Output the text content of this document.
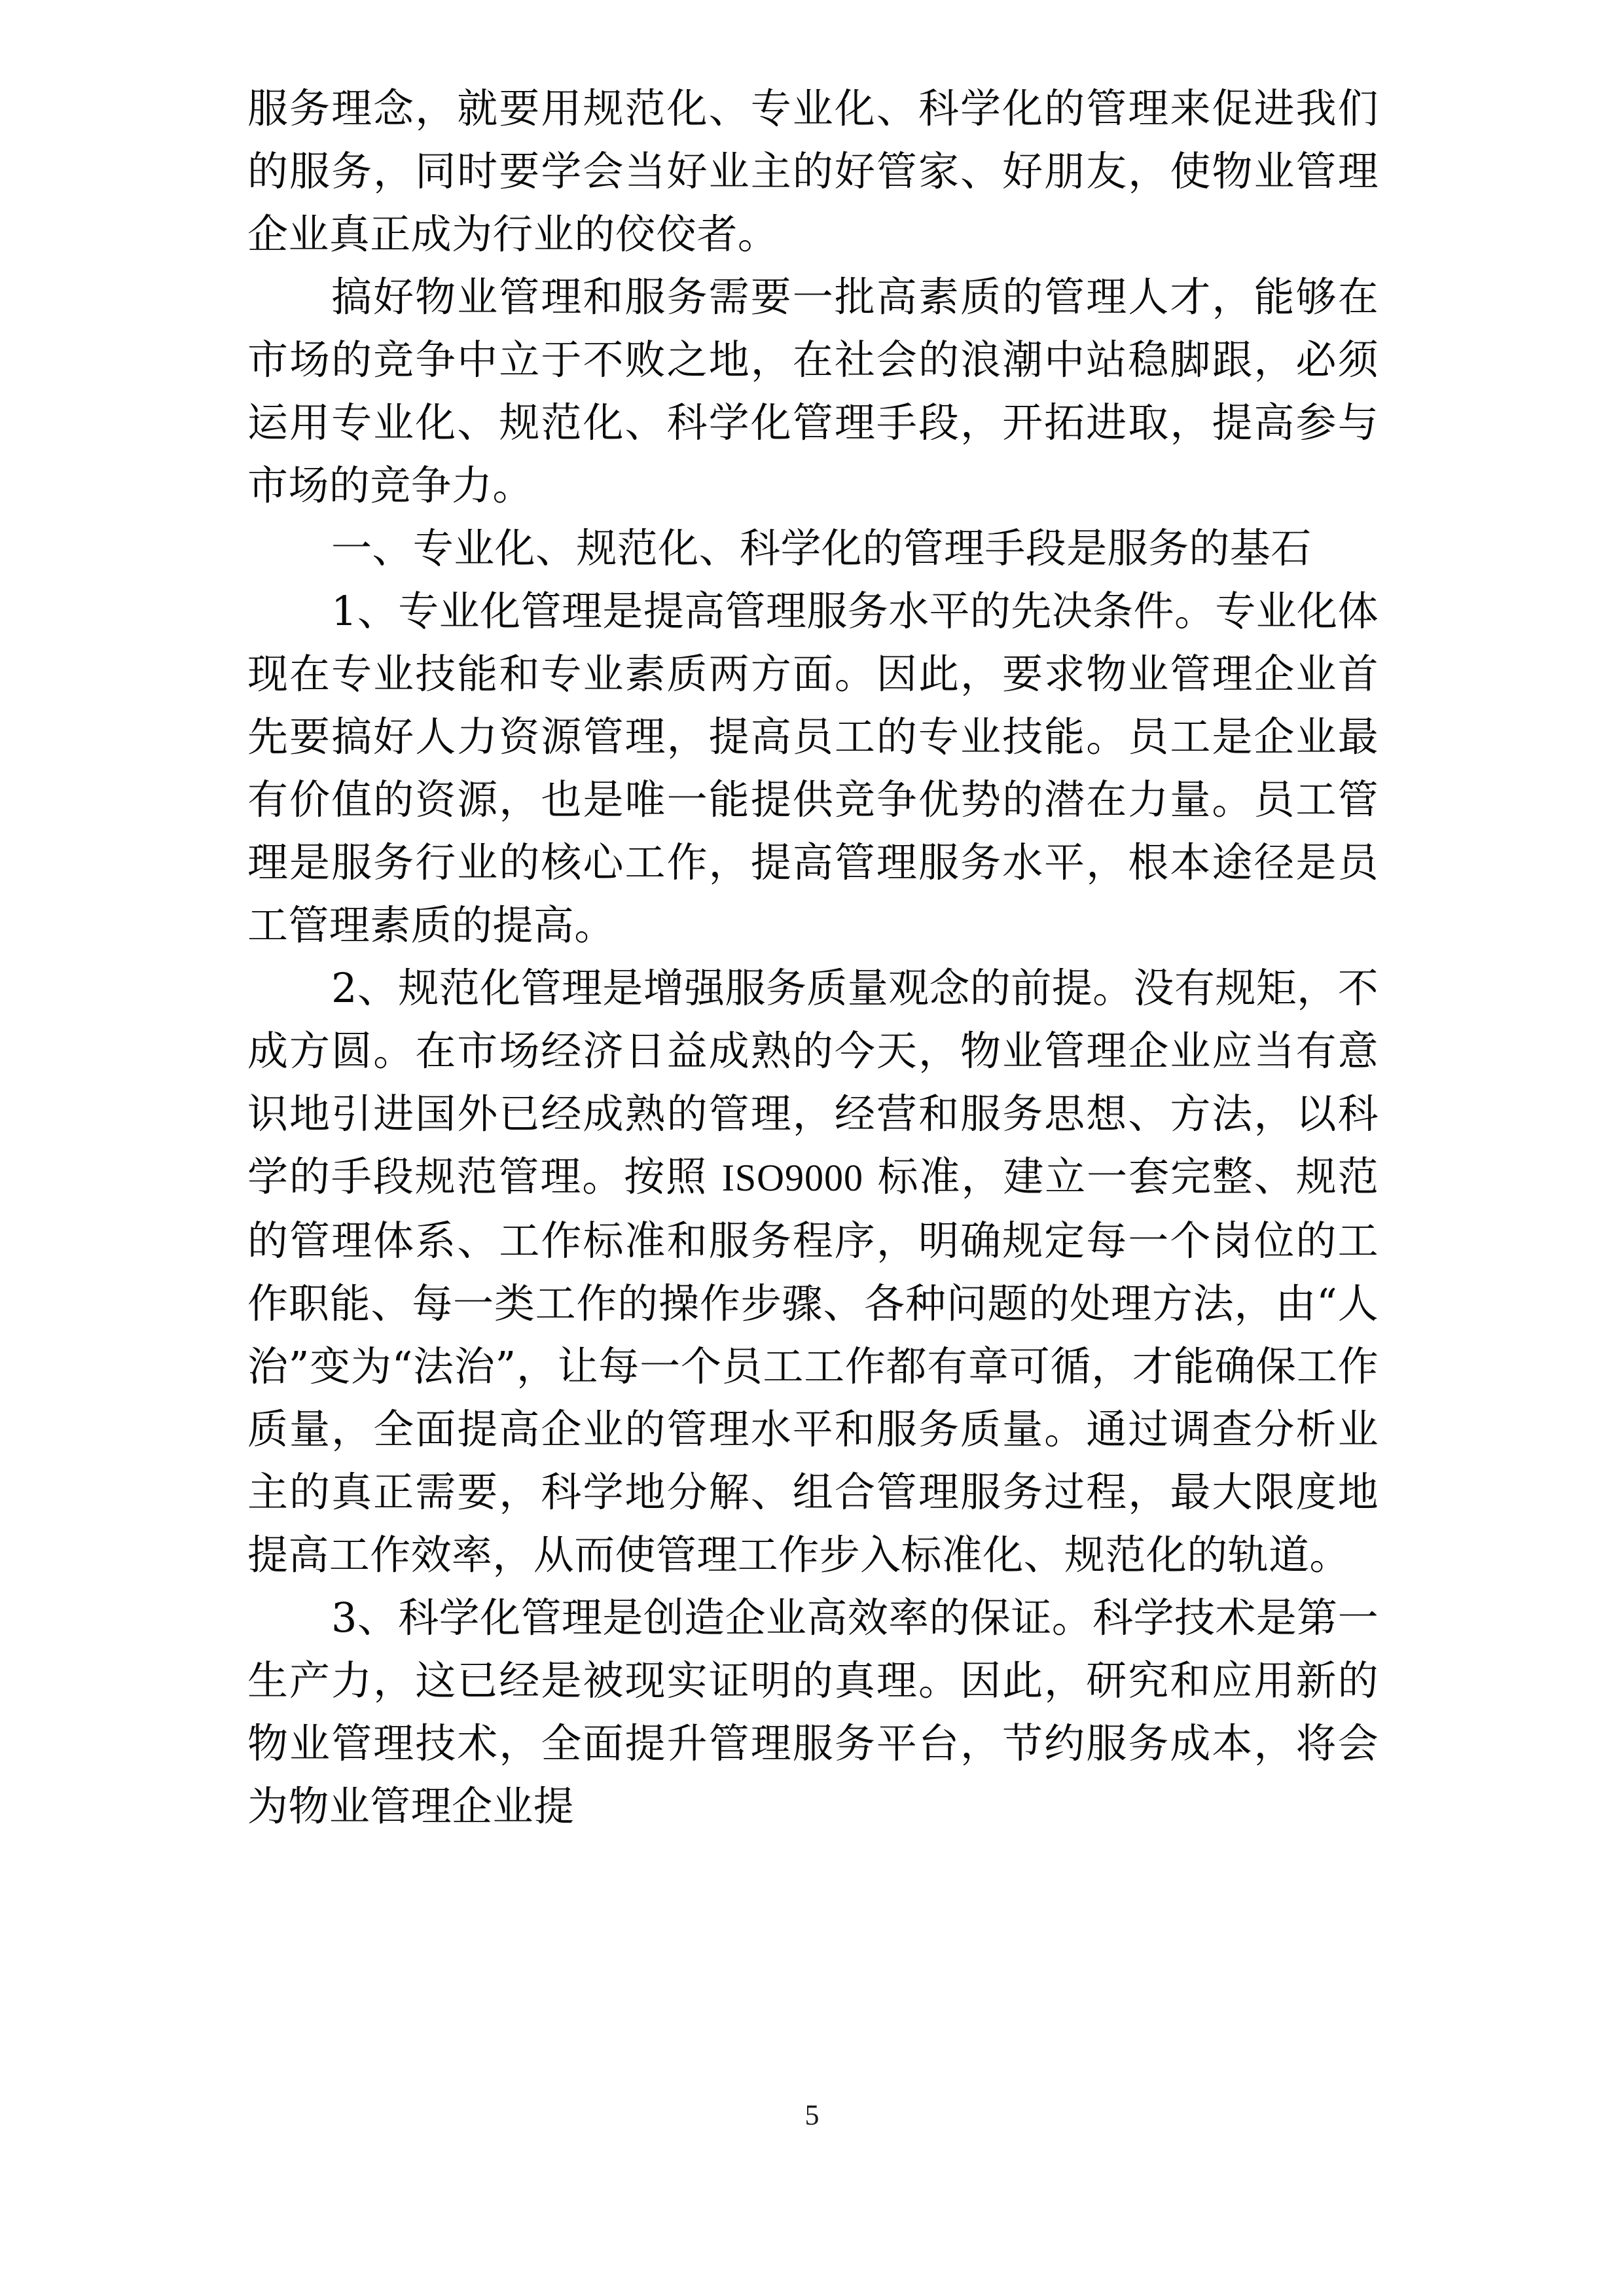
服务理念，就要用规范化、专业化、科学化的管理来促进我们的服务，同时要学会当好业主的好管家、好朋友，使物业管理企业真正成为行业的佼佼者。

搞好物业管理和服务需要一批高素质的管理人才，能够在市场的竞争中立于不败之地，在社会的浪潮中站稳脚跟，必须运用专业化、规范化、科学化管理手段，开拓进取，提高参与市场的竞争力。

一、专业化、规范化、科学化的管理手段是服务的基石

1、专业化管理是提高管理服务水平的先决条件。专业化体现在专业技能和专业素质两方面。因此，要求物业管理企业首先要搞好人力资源管理，提高员工的专业技能。员工是企业最有价值的资源，也是唯一能提供竞争优势的潜在力量。员工管理是服务行业的核心工作，提高管理服务水平，根本途径是员工管理素质的提高。

2、规范化管理是增强服务质量观念的前提。没有规矩，不成方圆。在市场经济日益成熟的今天，物业管理企业应当有意识地引进国外已经成熟的管理，经营和服务思想、方法，以科学的手段规范管理。按照 ISO9000 标准，建立一套完整、规范的管理体系、工作标准和服务程序，明确规定每一个岗位的工作职能、每一类工作的操作步骤、各种问题的处理方法，由“人治”变为“法治”，让每一个员工工作都有章可循，才能确保工作质量，全面提高企业的管理水平和服务质量。通过调查分析业主的真正需要，科学地分解、组合管理服务过程，最大限度地提高工作效率，从而使管理工作步入标准化、规范化的轨道。

3、科学化管理是创造企业高效率的保证。科学技术是第一生产力，这已经是被现实证明的真理。因此，研究和应用新的物业管理技术，全面提升管理服务平台，节约服务成本，将会为物业管理企业提

5
